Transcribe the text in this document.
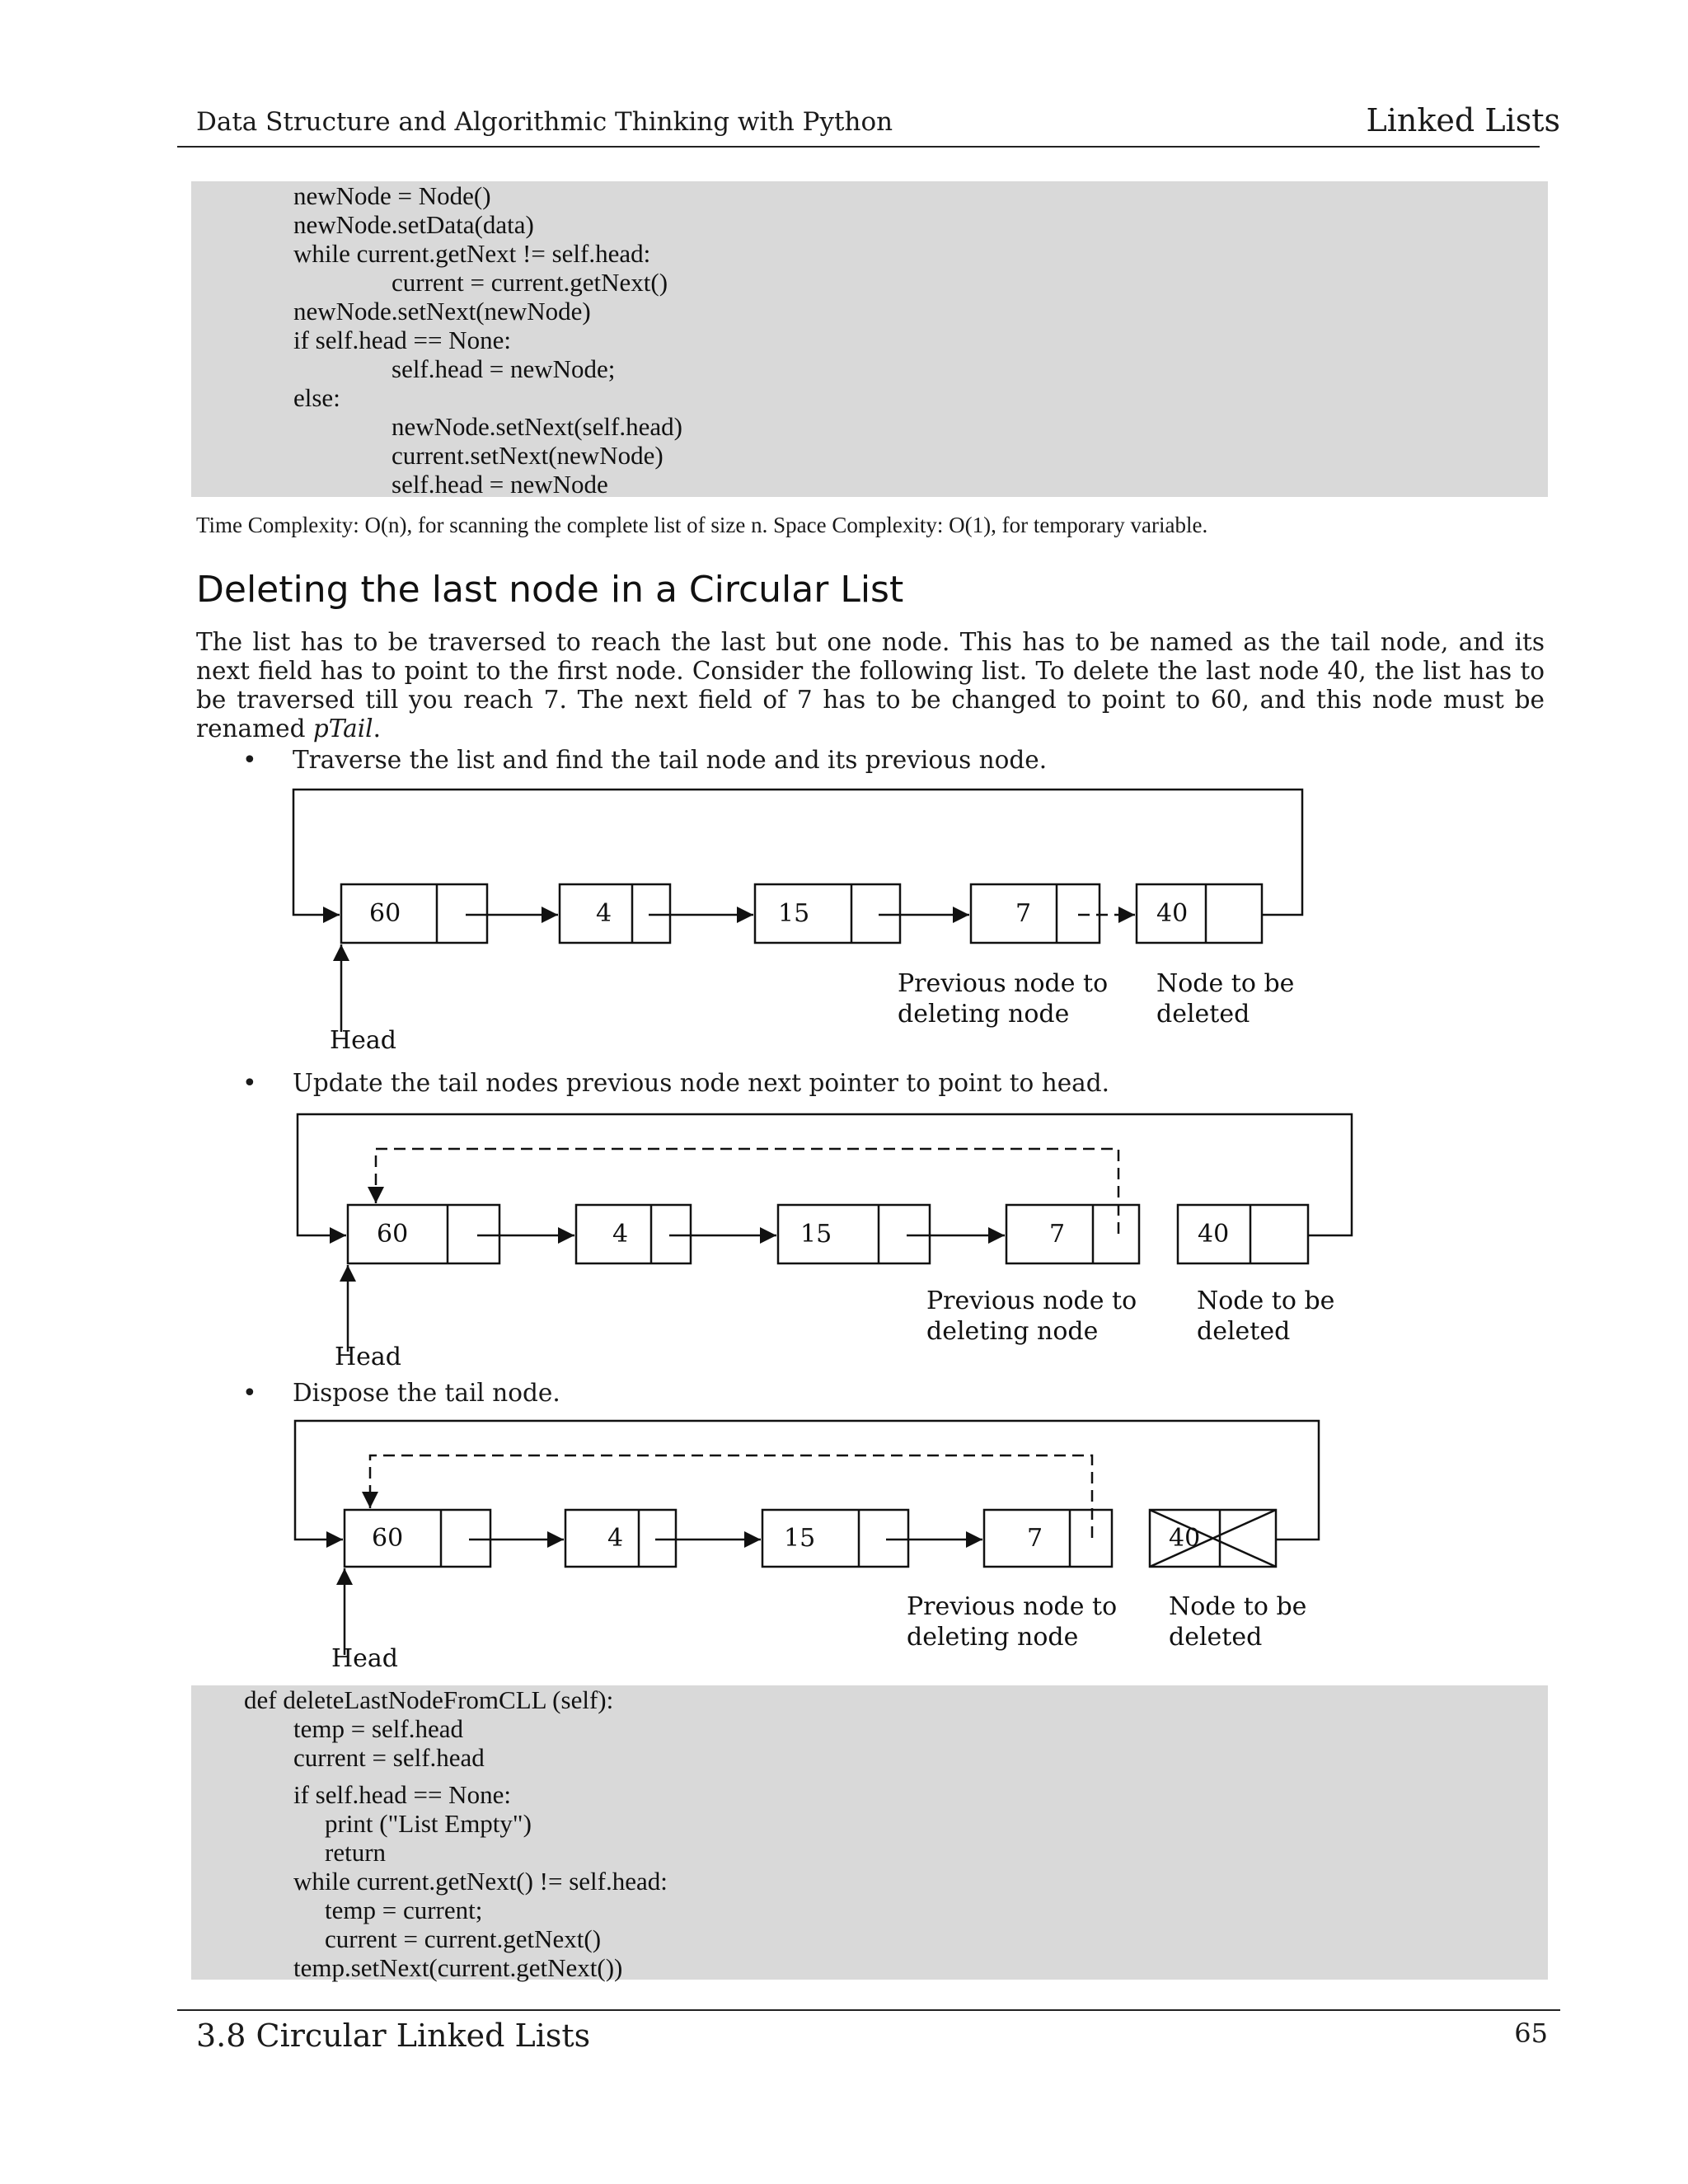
Data Structure and Algorithmic Thinking with Python	Linked Lists
newNode = Node()
newNode.setData(data)
while current.getNext != self.head:
current = current.getNext()
newNode.setNext(newNode)
if self.head == None:
self.head = newNode;
else:
newNode.setNext(self.head)
current.setNext(newNode)
self.head = newNode
Time Complexity: O(n), for scanning the complete list of size n. Space Complexity: O(1), for temporary variable.
Deleting the last node in a Circular List
The list has to be traversed to reach the last but one node. This has to be named as the tail node, and its next field has to point to the first node. Consider the following list. To delete the last node 40, the list has to be traversed till you reach 7. The next field of 7 has to be changed to point to 60, and this node must be renamed pTail.
• Traverse the list and find the tail node and its previous node.
60	4	15	7	40
Head
Previous node to
deleting node
Node to be
deleted
60	4	15	7	40
Head
Previous node to
deleting node
Node to be
deleted
60	4	15	7	40
Head
Previous node to
deleting node
Node to be
deleted
• Update the tail nodes previous node next pointer to point to head.
• Dispose the tail node.
def deleteLastNodeFromCLL (self):
temp = self.head
current = self.head
if self.head == None:
print ("List Empty")
return
while current.getNext() != self.head:
temp = current;
current = current.getNext()
temp.setNext(current.getNext())
3.8 Circular Linked Lists	65
